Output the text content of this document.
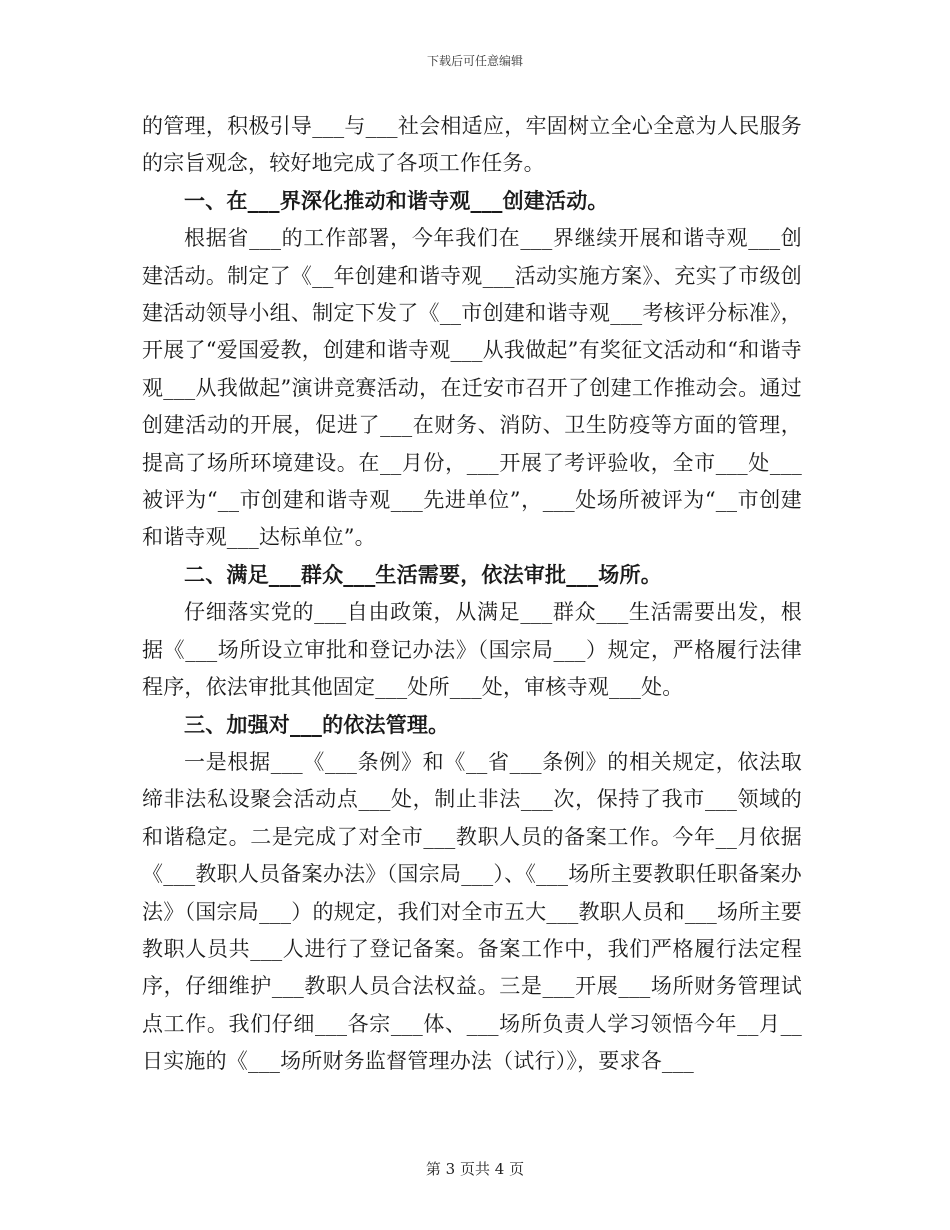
下载后可任意编辑

的管理，积极引导___与___社会相适应，牢固树立全心全意为人民服务的宗旨观念，较好地完成了各项工作任务。

一、在___界深化推动和谐寺观___创建活动。

根据省___的工作部署，今年我们在___界继续开展和谐寺观___创建活动。制定了《__年创建和谐寺观___活动实施方案》、充实了市级创建活动领导小组、制定下发了《__市创建和谐寺观___考核评分标准》，开展了“爱国爱教，创建和谐寺观___从我做起”有奖征文活动和“和谐寺观___从我做起”演讲竞赛活动，在迁安市召开了创建工作推动会。通过创建活动的开展，促进了___在财务、消防、卫生防疫等方面的管理，提高了场所环境建设。在__月份，___开展了考评验收，全市___处___被评为“__市创建和谐寺观___先进单位”，___处场所被评为“__市创建和谐寺观___达标单位”。

二、满足___群众___生活需要，依法审批___场所。

仔细落实党的___自由政策，从满足___群众___生活需要出发，根据《___场所设立审批和登记办法》（国宗局___）规定，严格履行法律程序，依法审批其他固定___处所___处，审核寺观___处。

三、加强对___的依法管理。

一是根据___《___条例》和《__省___条例》的相关规定，依法取缔非法私设聚会活动点___处，制止非法___次，保持了我市___领域的和谐稳定。二是完成了对全市___教职人员的备案工作。今年__月依据《___教职人员备案办法》（国宗局___）、《___场所主要教职任职备案办法》（国宗局___）的规定，我们对全市五大___教职人员和___场所主要教职人员共___人进行了登记备案。备案工作中，我们严格履行法定程序，仔细维护___教职人员合法权益。三是___开展___场所财务管理试点工作。我们仔细___各宗___体、___场所负责人学习领悟今年__月__日实施的《___场所财务监督管理办法（试行）》，要求各___

第 3 页共 4 页
